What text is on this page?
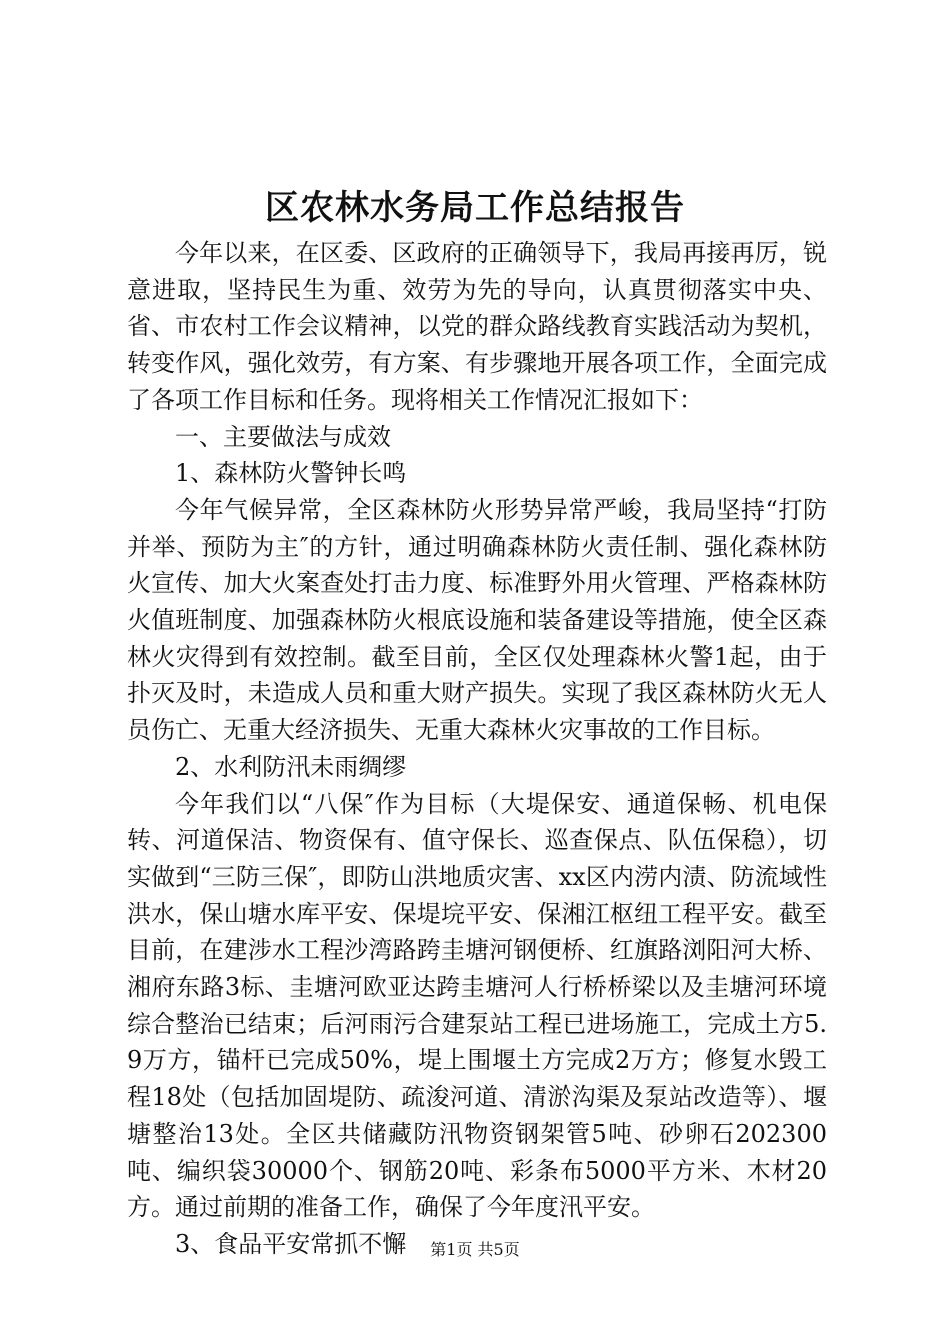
区农林水务局工作总结报告

今年以来，在区委、区政府的正确领导下，我局再接再厉，锐意进取，坚持民生为重、效劳为先的导向，认真贯彻落实中央、省、市农村工作会议精神，以党的群众路线教育实践活动为契机，转变作风，强化效劳，有方案、有步骤地开展各项工作，全面完成了各项工作目标和任务。现将相关工作情况汇报如下：

一、主要做法与成效

1、森林防火警钟长鸣

今年气候异常，全区森林防火形势异常严峻，我局坚持“打防并举、预防为主″的方针，通过明确森林防火责任制、强化森林防火宣传、加大火案查处打击力度、标准野外用火管理、严格森林防火值班制度、加强森林防火根底设施和装备建设等措施，使全区森林火灾得到有效控制。截至目前，全区仅处理森林火警1起，由于扑灭及时，未造成人员和重大财产损失。实现了我区森林防火无人员伤亡、无重大经济损失、无重大森林火灾事故的工作目标。

2、水利防汛未雨绸缪

今年我们以“八保″作为目标（大堤保安、通道保畅、机电保转、河道保洁、物资保有、值守保长、巡查保点、队伍保稳），切实做到“三防三保″，即防山洪地质灾害、xx区内涝内渍、防流域性洪水，保山塘水库平安、保堤垸平安、保湘江枢纽工程平安。截至目前，在建涉水工程沙湾路跨圭塘河钢便桥、红旗路浏阳河大桥、湘府东路3标、圭塘河欧亚达跨圭塘河人行桥桥梁以及圭塘河环境综合整治已结束；后河雨污合建泵站工程已进场施工，完成土方5.9万方，锚杆已完成50%，堤上围堰土方完成2万方；修复水毁工程18处（包括加固堤防、疏浚河道、清淤沟渠及泵站改造等）、堰塘整治13处。全区共储藏防汛物资钢架管5吨、砂卵石202300吨、编织袋30000个、钢筋20吨、彩条布5000平方米、木材20方。通过前期的准备工作，确保了今年度汛平安。

3、食品平安常抓不懈	第1页 共5页
